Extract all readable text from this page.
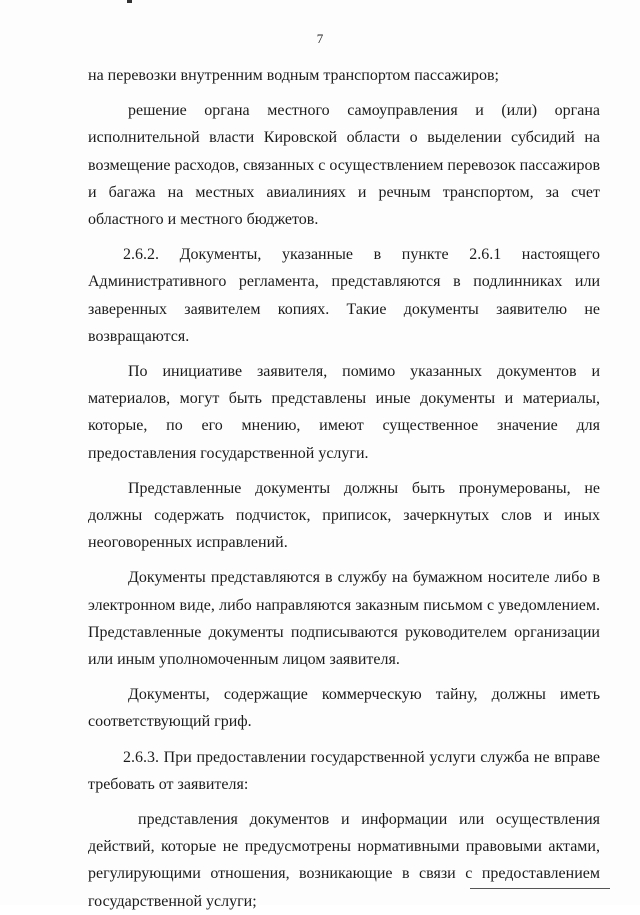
7

на перевозки внутренним водным транспортом пассажиров;

решение органа местного самоуправления и (или) органа исполнительной власти Кировской области о выделении субсидий на возмещение расходов, связанных с осуществлением перевозок пассажиров и багажа на местных авиалиниях и речным транспортом, за счет областного и местного бюджетов.

2.6.2. Документы, указанные в пункте 2.6.1 настоящего Административного регламента, представляются в подлинниках или заверенных заявителем копиях. Такие документы заявителю не возвращаются.

По инициативе заявителя, помимо указанных документов и материалов, могут быть представлены иные документы и материалы, которые, по его мнению, имеют существенное значение для предоставления государственной услуги.

Представленные документы должны быть пронумерованы, не должны содержать подчисток, приписок, зачеркнутых слов и иных неоговоренных исправлений.

Документы представляются в службу на бумажном носителе либо в электронном виде, либо направляются заказным письмом с уведомлением. Представленные документы подписываются руководителем организации или иным уполномоченным лицом заявителя.

Документы, содержащие коммерческую тайну, должны иметь соответствующий гриф.

2.6.3. При предоставлении государственной услуги служба не вправе требовать от заявителя:

представления документов и информации или осуществления действий, которые не предусмотрены нормативными правовыми актами, регулирующими отношения, возникающие в связи с предоставлением государственной услуги;
